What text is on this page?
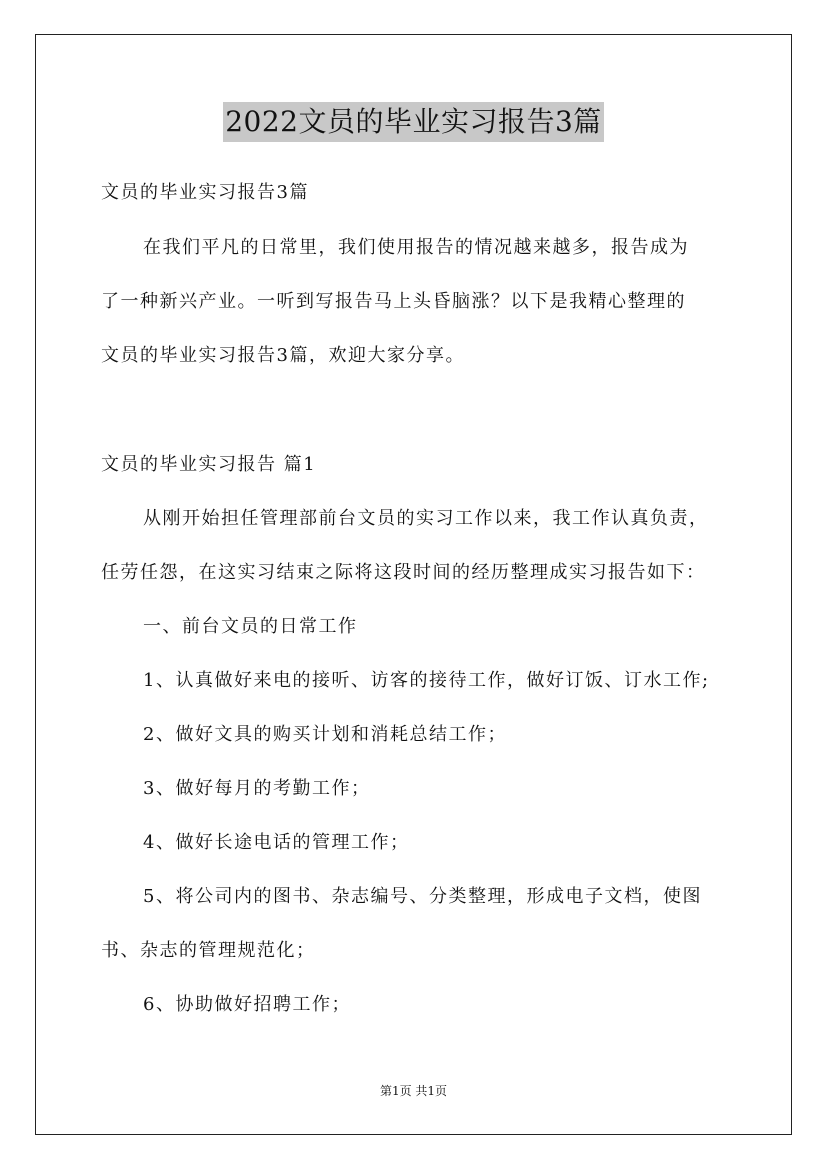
2022文员的毕业实习报告3篇
文员的毕业实习报告3篇
在我们平凡的日常里，我们使用报告的情况越来越多，报告成为
了一种新兴产业。一听到写报告马上头昏脑涨？以下是我精心整理的
文员的毕业实习报告3篇，欢迎大家分享。
文员的毕业实习报告 篇1
从刚开始担任管理部前台文员的实习工作以来，我工作认真负责，
任劳任怨，在这实习结束之际将这段时间的经历整理成实习报告如下：
一、前台文员的日常工作
1、认真做好来电的接听、访客的接待工作，做好订饭、订水工作;
2、做好文具的购买计划和消耗总结工作；
3、做好每月的考勤工作；
4、做好长途电话的管理工作；
5、将公司内的图书、杂志编号、分类整理，形成电子文档，使图
书、杂志的管理规范化；
6、协助做好招聘工作；
第1页 共1页
